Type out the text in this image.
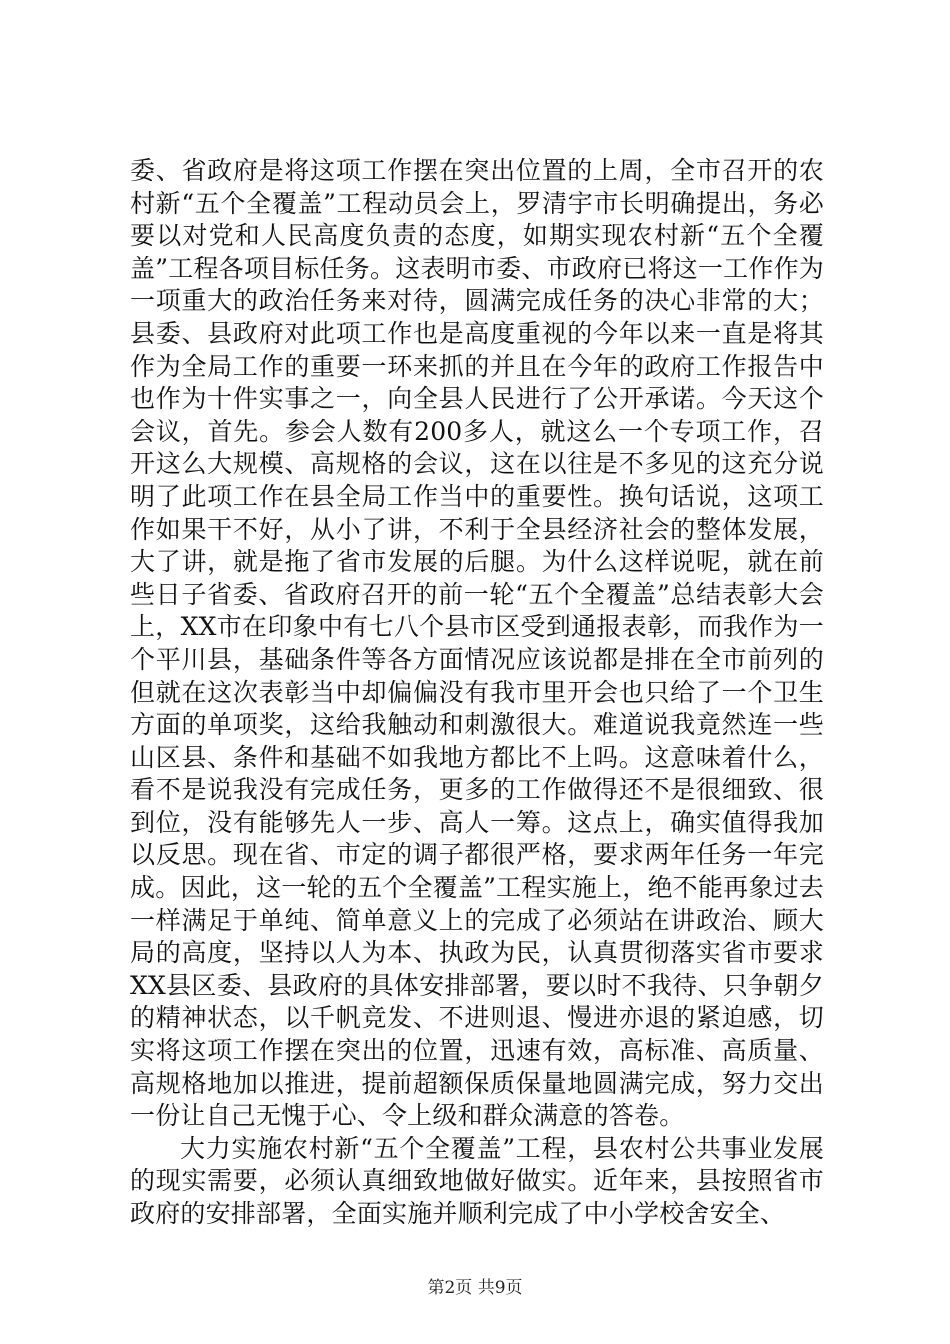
委、省政府是将这项工作摆在突出位置的上周，全市召开的农村新“五个全覆盖”工程动员会上，罗清宇市长明确提出，务必要以对党和人民高度负责的态度，如期实现农村新“五个全覆盖”工程各项目标任务。这表明市委、市政府已将这一工作作为一项重大的政治任务来对待，圆满完成任务的决心非常的大；县委、县政府对此项工作也是高度重视的今年以来一直是将其作为全局工作的重要一环来抓的并且在今年的政府工作报告中也作为十件实事之一，向全县人民进行了公开承诺。今天这个会议，首先。参会人数有200多人，就这么一个专项工作，召开这么大规模、高规格的会议，这在以往是不多见的这充分说明了此项工作在县全局工作当中的重要性。换句话说，这项工作如果干不好，从小了讲，不利于全县经济社会的整体发展，大了讲，就是拖了省市发展的后腿。为什么这样说呢，就在前些日子省委、省政府召开的前一轮“五个全覆盖”总结表彰大会上，XX市在印象中有七八个县市区受到通报表彰，而我作为一个平川县，基础条件等各方面情况应该说都是排在全市前列的但就在这次表彰当中却偏偏没有我市里开会也只给了一个卫生方面的单项奖，这给我触动和刺激很大。难道说我竟然连一些山区县、条件和基础不如我地方都比不上吗。这意味着什么，看不是说我没有完成任务，更多的工作做得还不是很细致、很到位，没有能够先人一步、高人一筹。这点上，确实值得我加以反思。现在省、市定的调子都很严格，要求两年任务一年完成。因此，这一轮的五个全覆盖”工程实施上，绝不能再象过去一样满足于单纯、简单意义上的完成了必须站在讲政治、顾大局的高度，坚持以人为本、执政为民，认真贯彻落实省市要求XX县区委、县政府的具体安排部署，要以时不我待、只争朝夕的精神状态，以千帆竞发、不进则退、慢进亦退的紧迫感，切实将这项工作摆在突出的位置，迅速有效，高标准、高质量、高规格地加以推进，提前超额保质保量地圆满完成，努力交出一份让自己无愧于心、令上级和群众满意的答卷。

大力实施农村新“五个全覆盖”工程，县农村公共事业发展的现实需要，必须认真细致地做好做实。近年来，县按照省市政府的安排部署，全面实施并顺利完成了中小学校舍安全、

第2页 共9页
